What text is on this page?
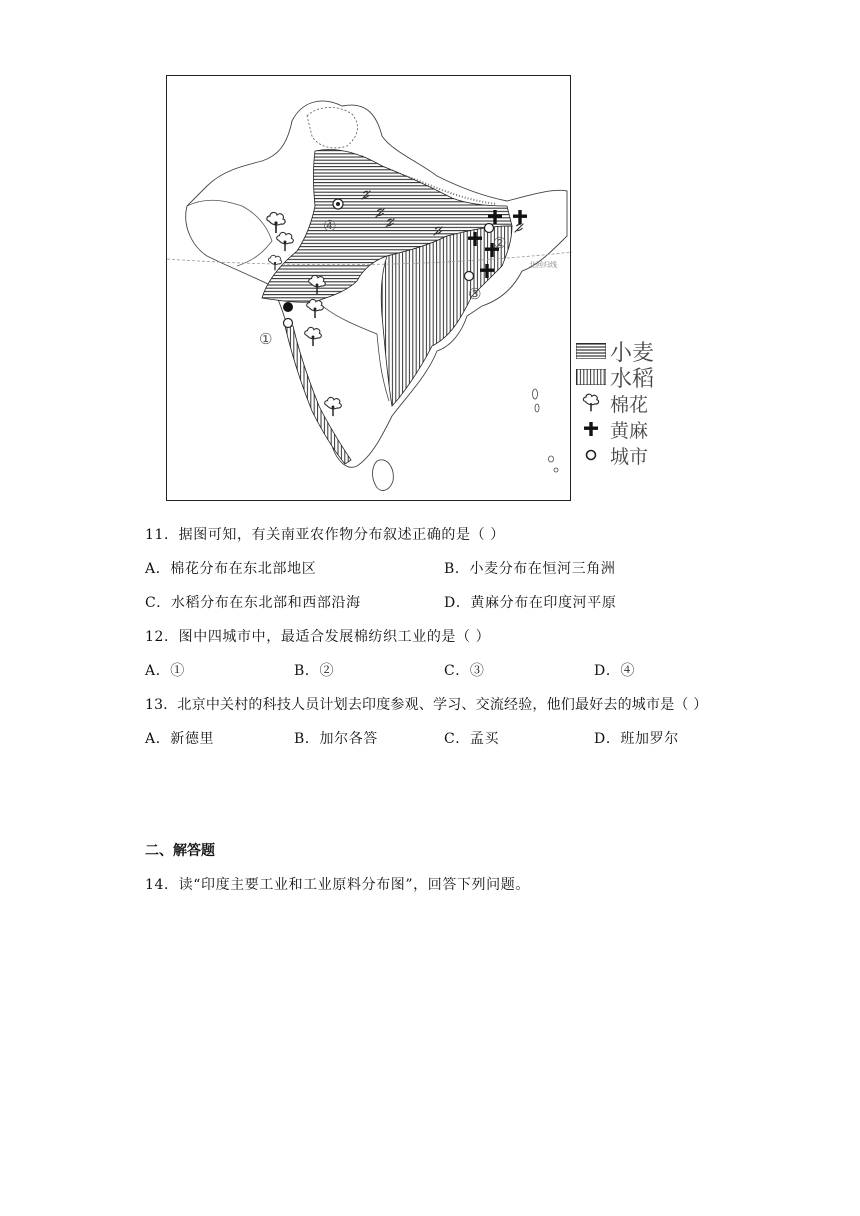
北回归线
①
②
③
④
小麦
水稻
棉花
黄麻
城市
11．据图可知，有关南亚农作物分布叙述正确的是（ ）
A．棉花分布在东北部地区	B．小麦分布在恒河三角洲
C．水稻分布在东北部和西部沿海	D．黄麻分布在印度河平原
12．图中四城市中，最适合发展棉纺织工业的是（ ）
A．①	B．②	C．③	D．④
13．北京中关村的科技人员计划去印度参观、学习、交流经验，他们最好去的城市是（ ）
A．新德里	B．加尔各答	C．孟买	D．班加罗尔
二、解答题
14．读“印度主要工业和工业原料分布图”，回答下列问题。
